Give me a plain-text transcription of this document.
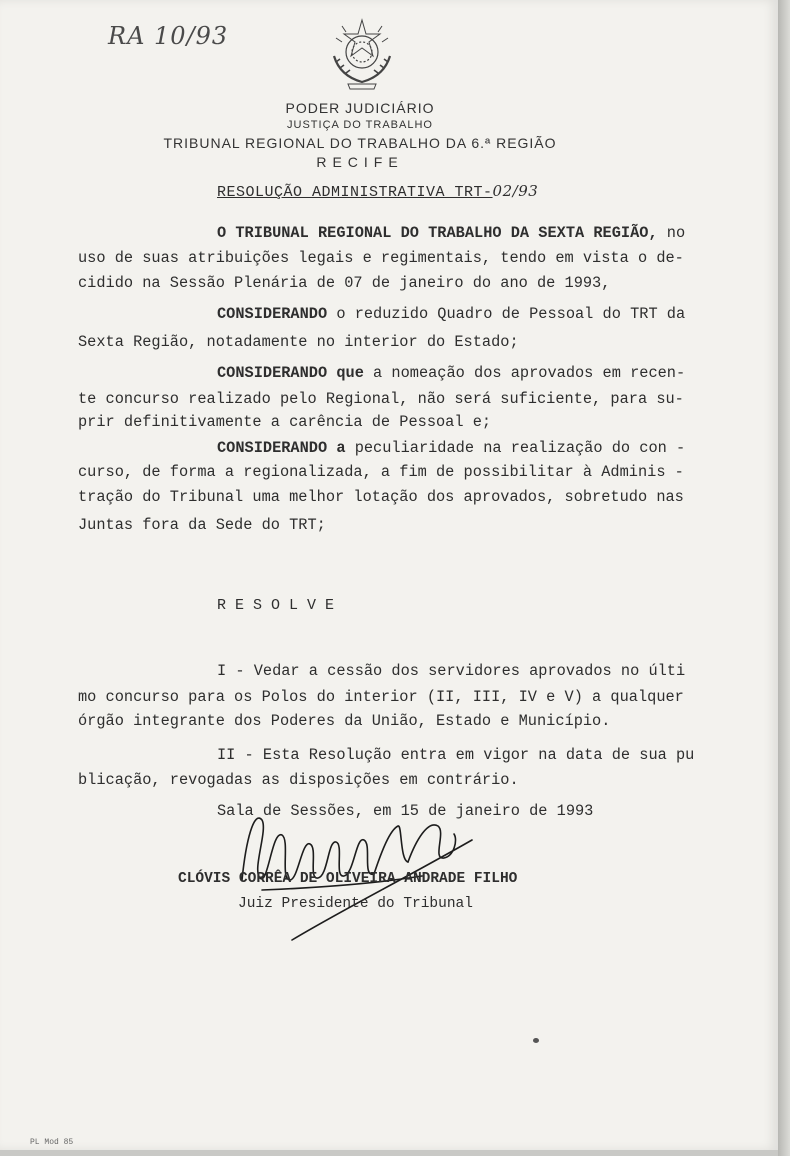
RA 10/93
PODER JUDICIÁRIO
JUSTIÇA DO TRABALHO
TRIBUNAL REGIONAL DO TRABALHO DA 6.ª REGIÃO
RECIFE
RESOLUÇÃO ADMINISTRATIVA TRT-02/93
O TRIBUNAL REGIONAL DO TRABALHO DA SEXTA REGIÃO, no
uso de suas atribuições legais e regimentais, tendo em vista o de-
cidido na Sessão Plenária de 07 de janeiro do ano de 1993,
CONSIDERANDO o reduzido Quadro de Pessoal do TRT da
Sexta Região, notadamente no interior do Estado;
CONSIDERANDO que a nomeação dos aprovados em recen-
te concurso realizado pelo Regional, não será suficiente, para su-
prir definitivamente a carência de Pessoal e;
CONSIDERANDO a peculiaridade na realização do con -
curso, de forma a regionalizada, a fim de possibilitar à Adminis -
tração do Tribunal uma melhor lotação dos aprovados, sobretudo nas
Juntas fora da Sede do TRT;
RESOLVE
I - Vedar a cessão dos servidores aprovados no últi
mo concurso para os Polos do interior (II, III, IV e V) a qualquer
órgão integrante dos Poderes da União, Estado e Município.
II - Esta Resolução entra em vigor na data de sua pu
blicação, revogadas as disposições em contrário.
Sala de Sessões, em 15 de janeiro de 1993
CLÓVIS CORRÊA DE OLIVEIRA ANDRADE FILHO
Juiz Presidente do Tribunal
PL Mod 85
